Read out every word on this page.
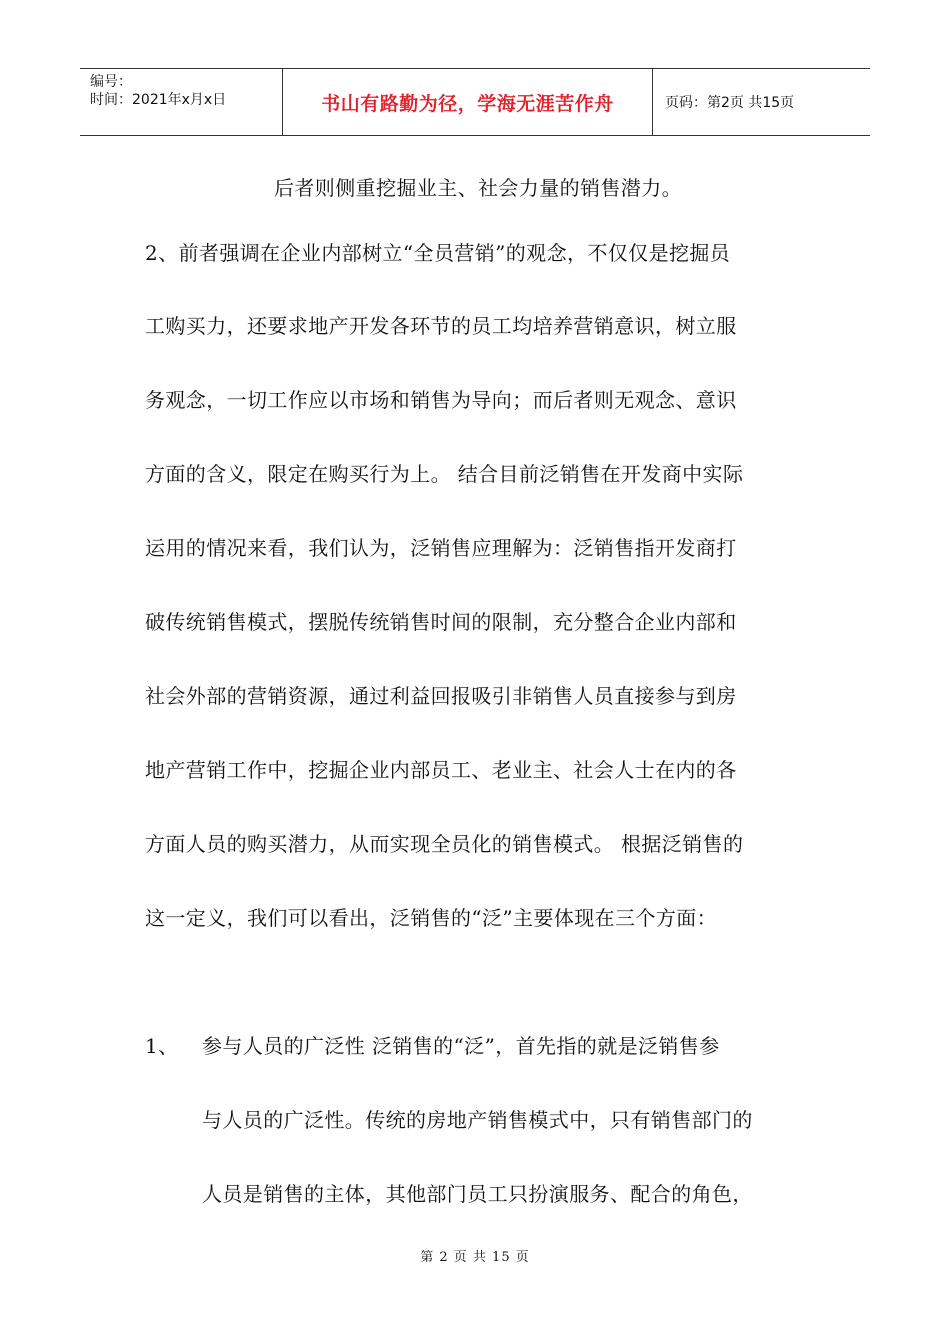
编号：
时间：2021年x月x日	书山有路勤为径，学海无涯苦作舟	页码：第2页 共15页
后者则侧重挖掘业主、社会力量的销售潜力。
2、前者强调在企业内部树立“全员营销”的观念，不仅仅是挖掘员
工购买力，还要求地产开发各环节的员工均培养营销意识，树立服
务观念，一切工作应以市场和销售为导向；而后者则无观念、意识
方面的含义，限定在购买行为上。 结合目前泛销售在开发商中实际
运用的情况来看，我们认为，泛销售应理解为：泛销售指开发商打
破传统销售模式，摆脱传统销售时间的限制，充分整合企业内部和
社会外部的营销资源，通过利益回报吸引非销售人员直接参与到房
地产营销工作中，挖掘企业内部员工、老业主、社会人士在内的各
方面人员的购买潜力，从而实现全员化的销售模式。 根据泛销售的
这一定义，我们可以看出，泛销售的“泛”主要体现在三个方面：
1、 参与人员的广泛性 泛销售的“泛”，首先指的就是泛销售参
与人员的广泛性。传统的房地产销售模式中，只有销售部门的
人员是销售的主体，其他部门员工只扮演服务、配合的角色，
第 2 页 共 15 页
